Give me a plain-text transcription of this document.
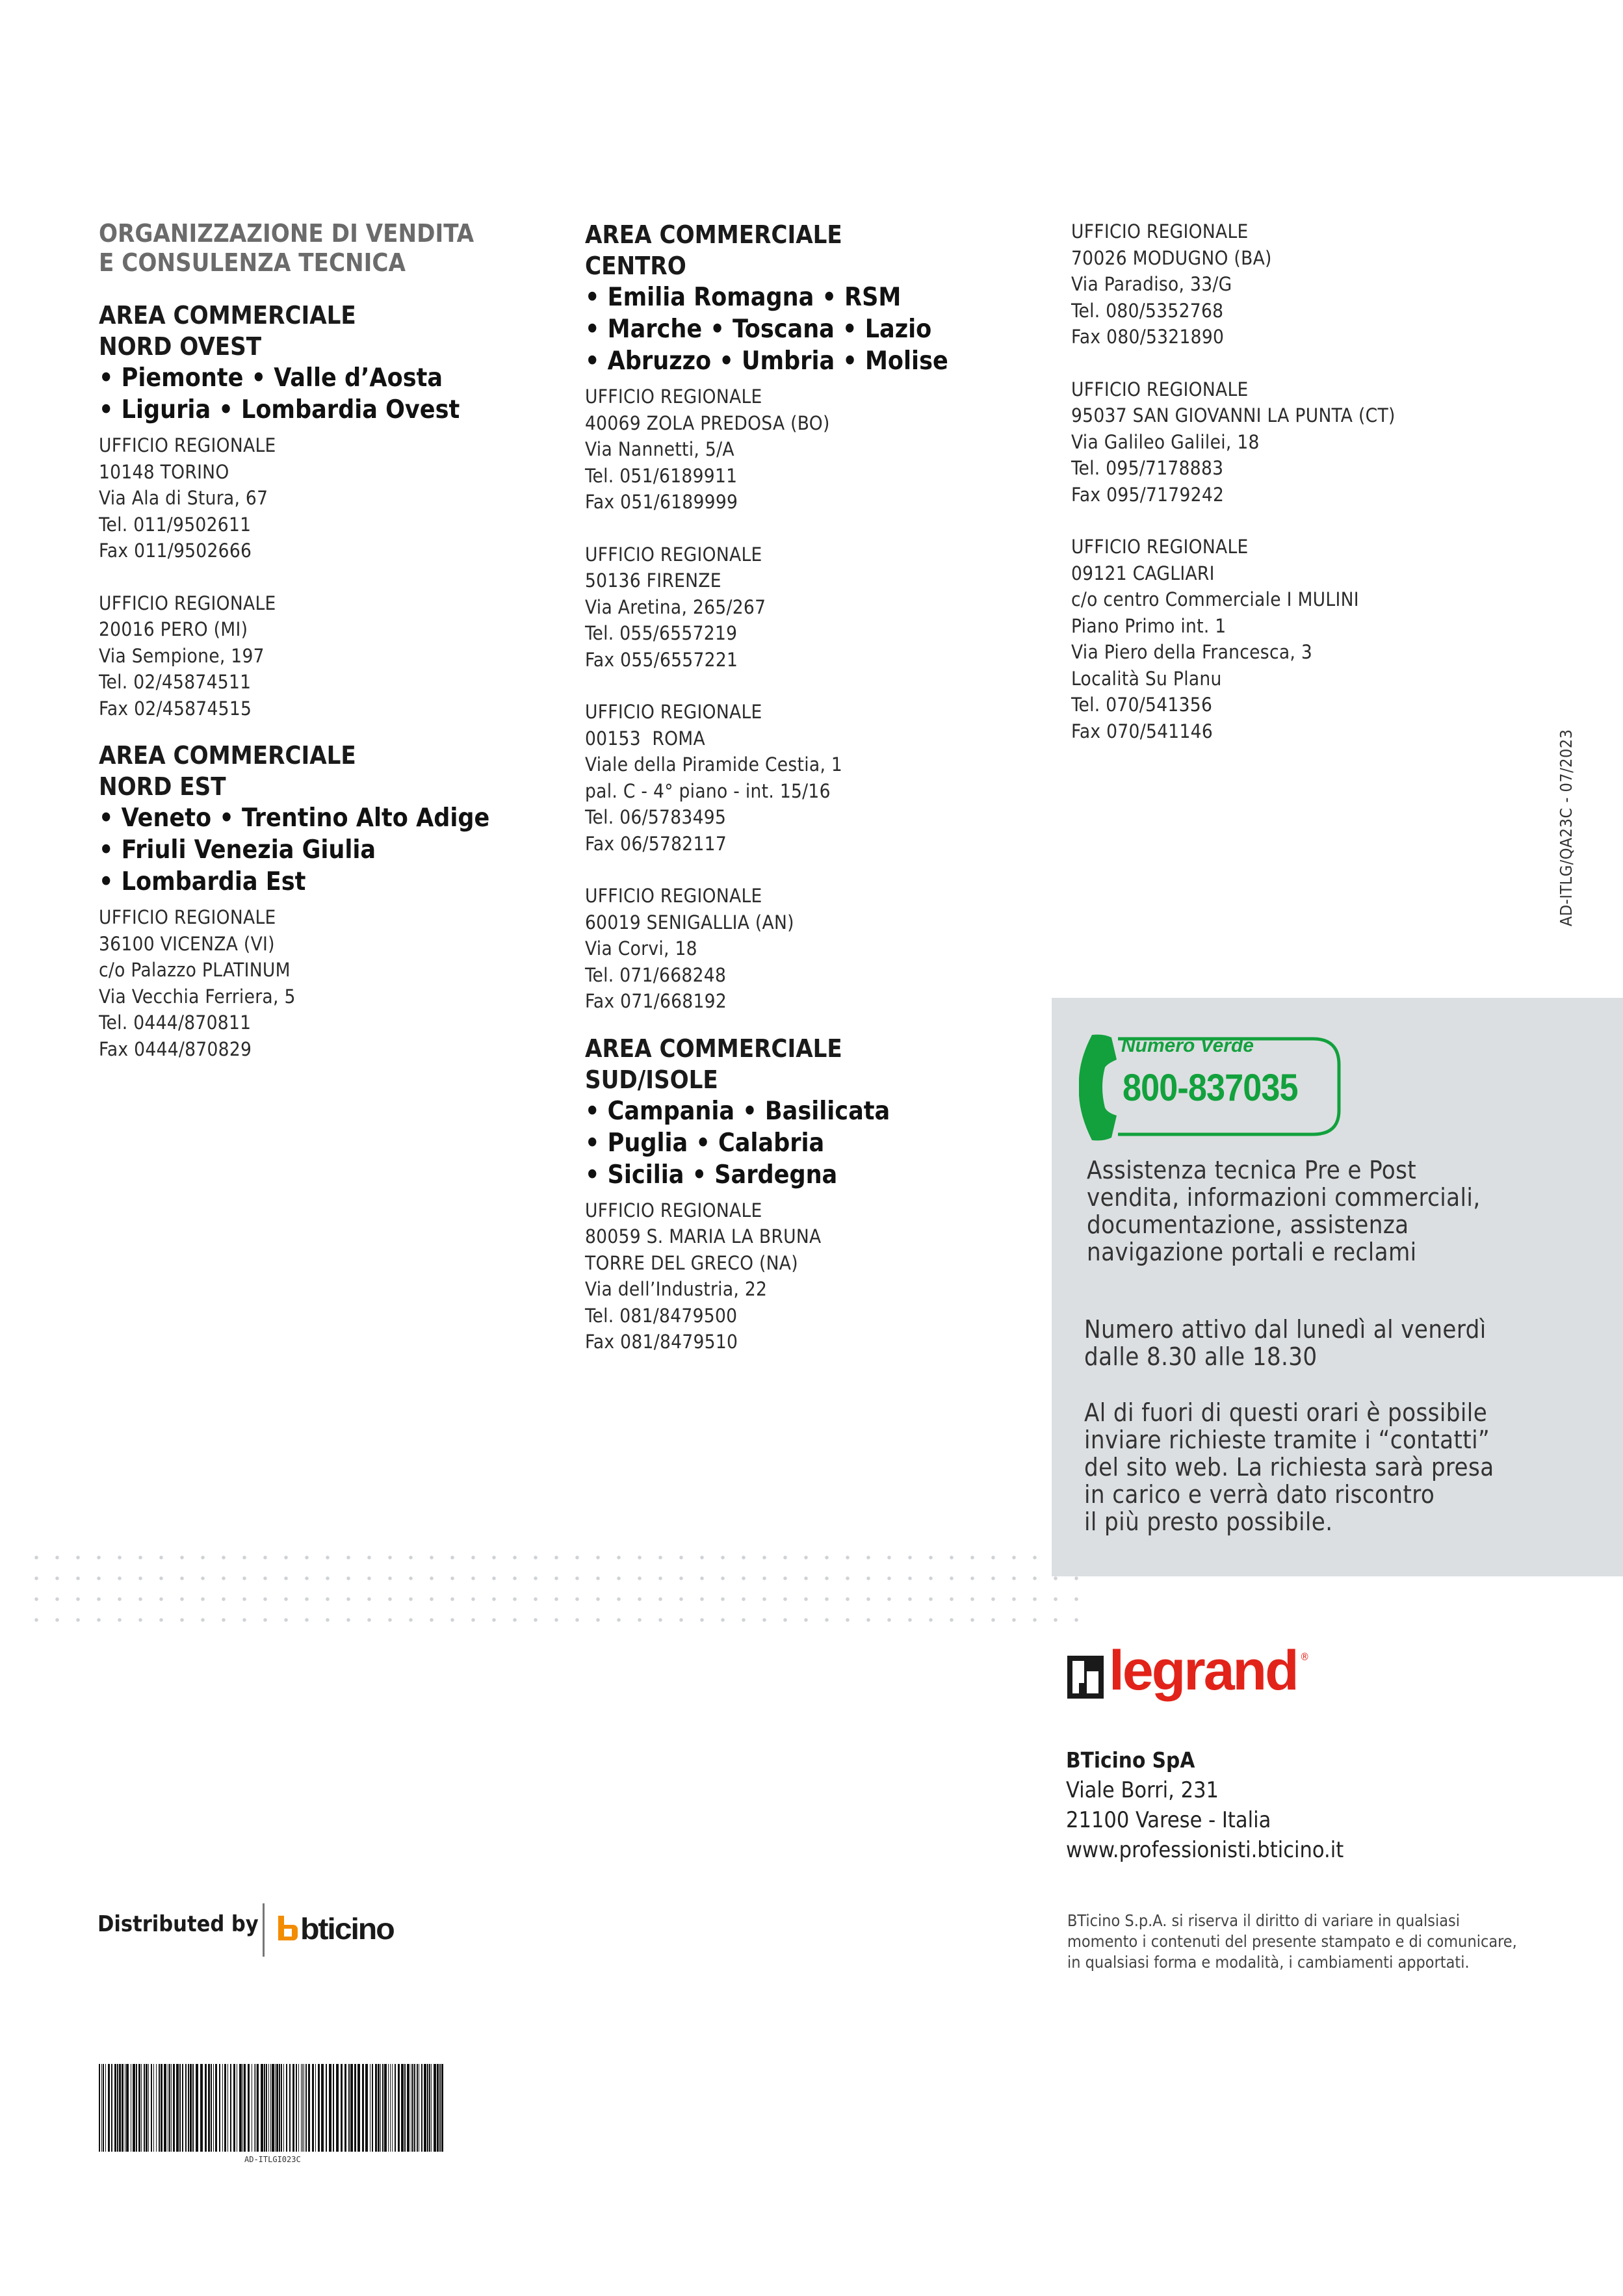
ORGANIZZAZIONE DI VENDITA
E CONSULENZA TECNICA
AREA COMMERCIALE
NORD OVEST
• Piemonte • Valle d’Aosta
• Liguria • Lombardia Ovest
UFFICIO REGIONALE
10148 TORINO
Via Ala di Stura, 67
Tel. 011/9502611
Fax 011/9502666
UFFICIO REGIONALE
20016 PERO (MI)
Via Sempione, 197
Tel. 02/45874511
Fax 02/45874515
AREA COMMERCIALE
NORD EST
• Veneto • Trentino Alto Adige
• Friuli Venezia Giulia
• Lombardia Est
UFFICIO REGIONALE
36100 VICENZA (VI)
c/o Palazzo PLATINUM
Via Vecchia Ferriera, 5
Tel. 0444/870811
Fax 0444/870829
AREA COMMERCIALE
CENTRO
• Emilia Romagna • RSM
• Marche • Toscana • Lazio
• Abruzzo • Umbria • Molise
UFFICIO REGIONALE
40069 ZOLA PREDOSA (BO)
Via Nannetti, 5/A
Tel. 051/6189911
Fax 051/6189999
UFFICIO REGIONALE
50136 FIRENZE
Via Aretina, 265/267
Tel. 055/6557219
Fax 055/6557221
UFFICIO REGIONALE
00153  ROMA
Viale della Piramide Cestia, 1
pal. C - 4° piano - int. 15/16
Tel. 06/5783495
Fax 06/5782117
UFFICIO REGIONALE
60019 SENIGALLIA (AN)
Via Corvi, 18
Tel. 071/668248
Fax 071/668192
AREA COMMERCIALE
SUD/ISOLE
• Campania • Basilicata
• Puglia • Calabria
• Sicilia • Sardegna
UFFICIO REGIONALE
80059 S. MARIA LA BRUNA
TORRE DEL GRECO (NA)
Via dell’Industria, 22
Tel. 081/8479500
Fax 081/8479510
UFFICIO REGIONALE
70026 MODUGNO (BA)
Via Paradiso, 33/G
Tel. 080/5352768
Fax 080/5321890
UFFICIO REGIONALE
95037 SAN GIOVANNI LA PUNTA (CT)
Via Galileo Galilei, 18
Tel. 095/7178883
Fax 095/7179242
UFFICIO REGIONALE
09121 CAGLIARI
c/o centro Commerciale I MULINI
Piano Primo int. 1
Via Piero della Francesca, 3
Località Su Planu
Tel. 070/541356
Fax 070/541146	AD-ITLG/QA23C - 07/2023
Numero Verde
800-837035
Assistenza tecnica Pre e Post
vendita, informazioni commerciali,
documentazione, assistenza
navigazione portali e reclami
Numero attivo dal lunedì al venerdì
dalle 8.30 alle 18.30
Al di fuori di questi orari è possibile
inviare richieste tramite i “contatti”
del sito web. La richiesta sarà presa
in carico e verrà dato riscontro
il più presto possibile.
legrand ®
BTicino SpA
Viale Borri, 231
21100 Varese - Italia
www.professionisti.bticino.it
BTicino S.p.A. si riserva il diritto di variare in qualsiasi
momento i contenuti del presente stampato e di comunicare,
in qualsiasi forma e modalità, i cambiamenti apportati.
Distributed by bticino
AD-ITLGI023C
